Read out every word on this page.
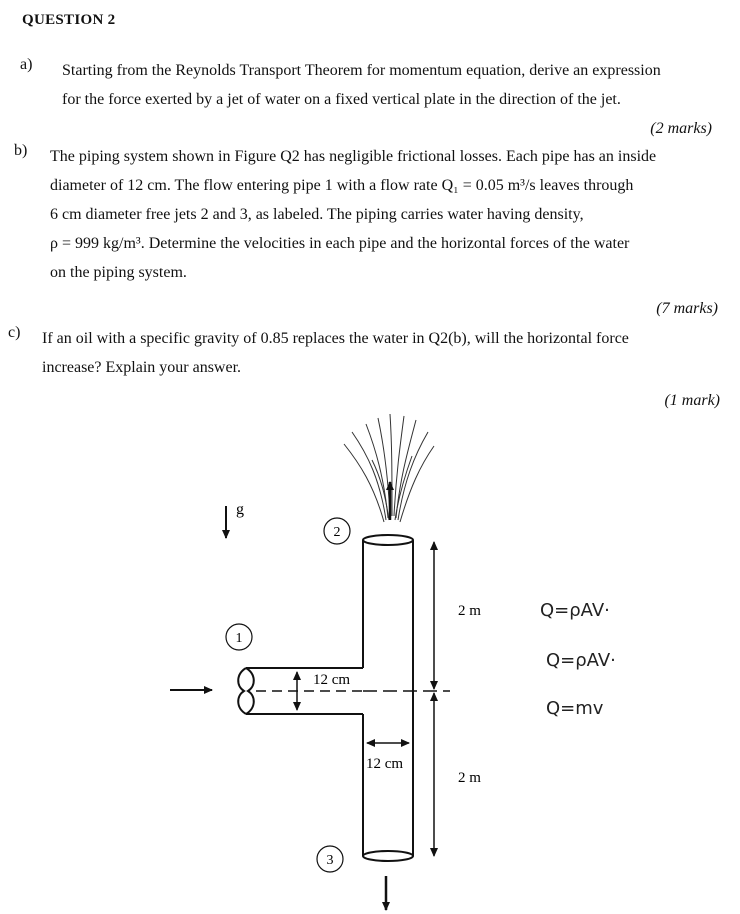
QUESTION 2
a) Starting from the Reynolds Transport Theorem for momentum equation, derive an expression
for the force exerted by a jet of water on a fixed vertical plate in the direction of the jet.
(2 marks)
b) The piping system shown in Figure Q2 has negligible frictional losses. Each pipe has an inside
diameter of 12 cm. The flow entering pipe 1 with a flow rate Q₁ = 0.05 m³/s leaves through
6 cm diameter free jets 2 and 3, as labeled. The piping carries water having density,
ρ = 999 kg/m³. Determine the velocities in each pipe and the horizontal forces of the water
on the piping system.
(7 marks)
c) If an oil with a specific gravity of 0.85 replaces the water in Q2(b), will the horizontal force
increase? Explain your answer.
(1 mark)
g
2
1
3
12 cm
12 cm
2 m
2 m
Q=ρAV·
Q=ρAV·
Q=mv
